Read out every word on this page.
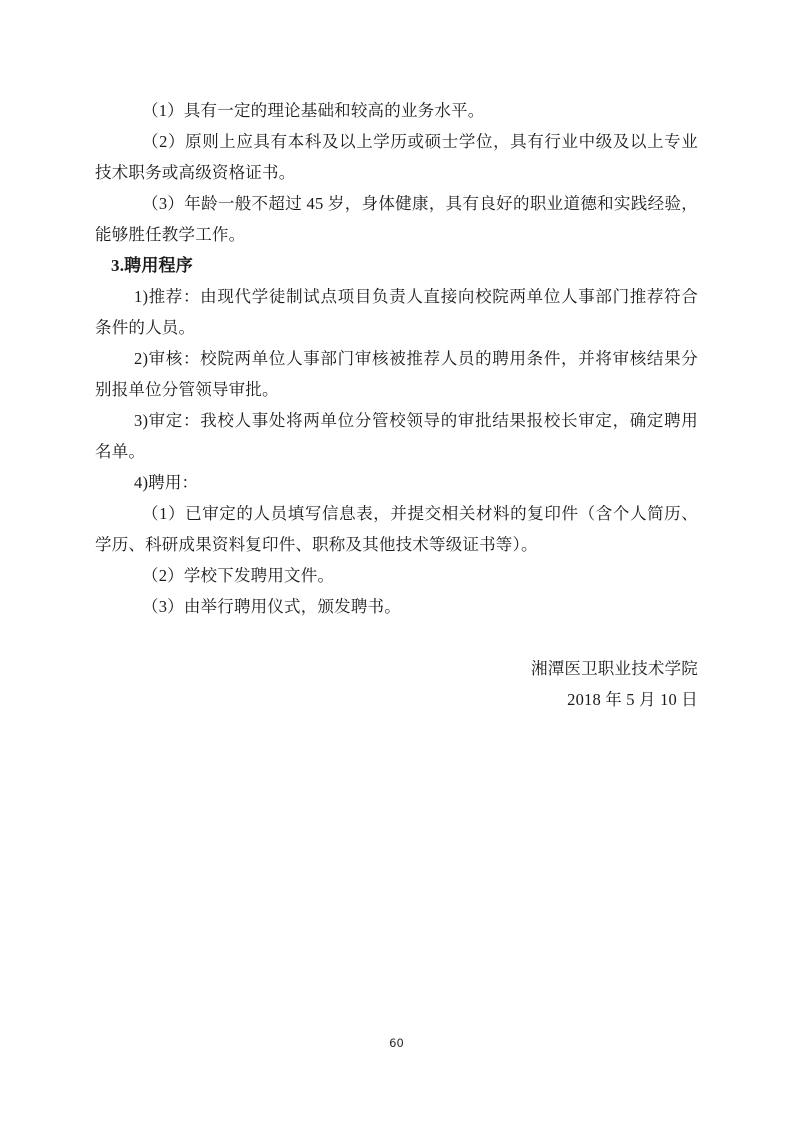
（1）具有一定的理论基础和较高的业务水平。

（2）原则上应具有本科及以上学历或硕士学位，具有行业中级及以上专业技术职务或高级资格证书。

（3）年龄一般不超过 45 岁，身体健康，具有良好的职业道德和实践经验，能够胜任教学工作。

3.聘用程序

1)推荐：由现代学徒制试点项目负责人直接向校院两单位人事部门推荐符合条件的人员。

2)审核：校院两单位人事部门审核被推荐人员的聘用条件，并将审核结果分别报单位分管领导审批。

3)审定：我校人事处将两单位分管校领导的审批结果报校长审定，确定聘用名单。

4)聘用：

（1）已审定的人员填写信息表，并提交相关材料的复印件（含个人简历、学历、科研成果资料复印件、职称及其他技术等级证书等）。

（2）学校下发聘用文件。

（3）由举行聘用仪式，颁发聘书。

湘潭医卫职业技术学院

2018 年 5 月 10 日

60
